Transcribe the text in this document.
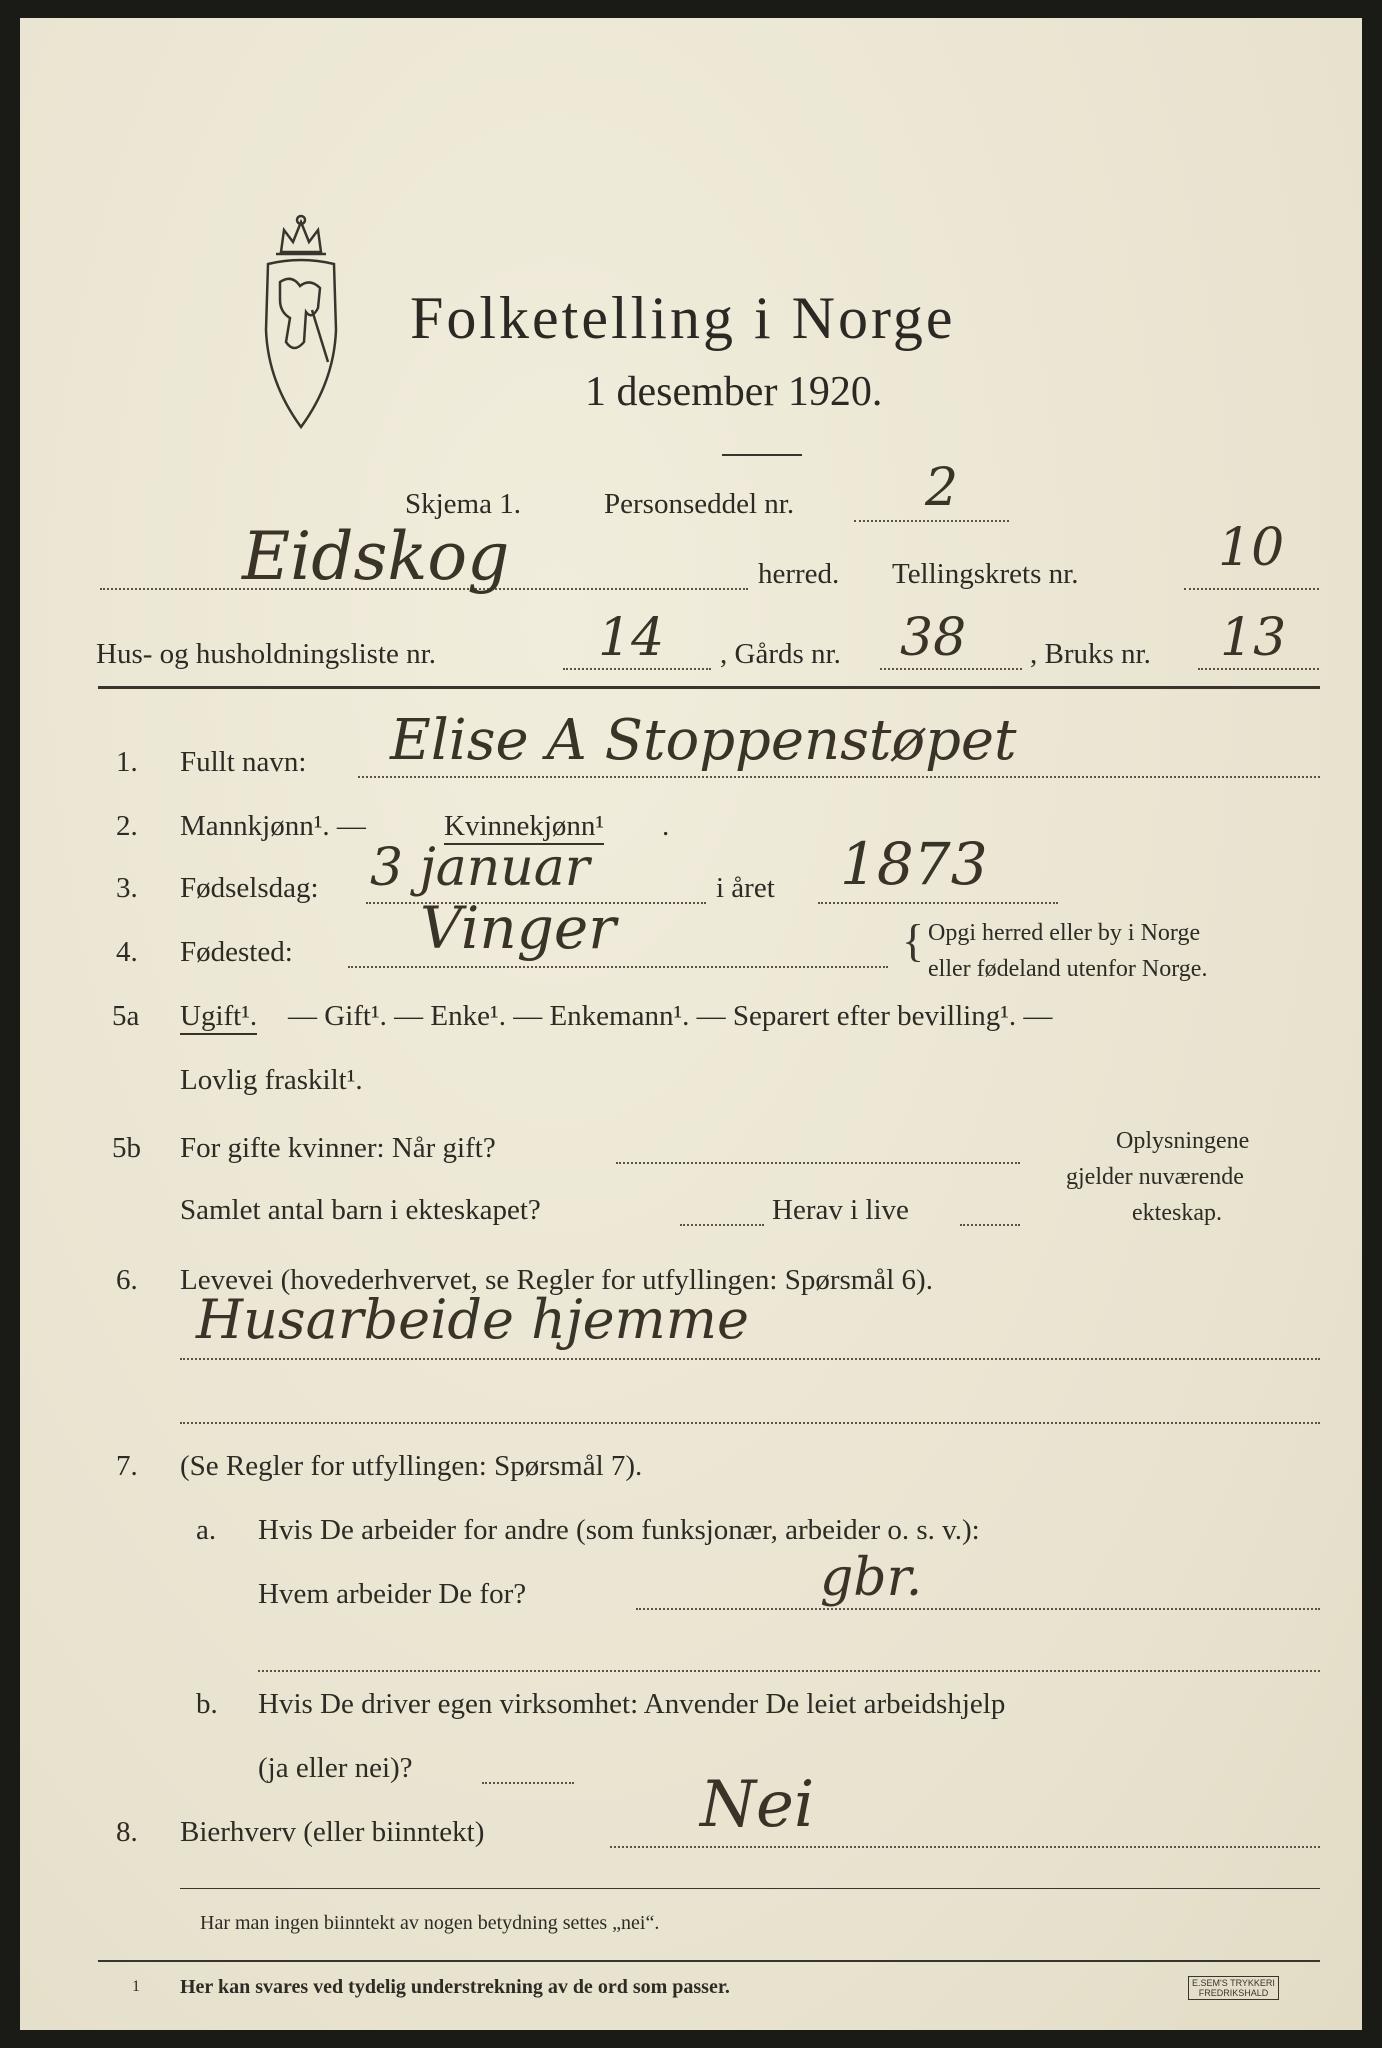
Folketelling i Norge
1 desember 1920.
Skjema 1.	Personseddel nr.	2
Eidskog	herred. Tellingskrets nr.	10
Hus- og husholdningsliste nr.	14 , Gårds nr. 38 , Bruks nr. 13
1. Fullt navn: Elise A Stoppenstøpet
2. Mannkjønn¹. —	Kvinnekjønn¹ .
3. Fødselsdag: 3 januar	i året 1873
4. Fødested: Vinger	{ Opgi herred eller by i Norge
eller fødeland utenfor Norge.
5a Ugift¹. — Gift¹. — Enke¹. — Enkemann¹. — Separert efter bevilling¹. —
Lovlig fraskilt¹.
5b For gifte kvinner: Når gift?
Samlet antal barn i ekteskapet?	Herav i live
Oplysningene
gjelder nuværende
ekteskap.
6. Levevei (hovederhvervet, se Regler for utfyllingen: Spørsmål 6).
Husarbeide hjemme
7. (Se Regler for utfyllingen: Spørsmål 7).
a. Hvis De arbeider for andre (som funksjonær, arbeider o. s. v.):
Hvem arbeider De for?	gbr.
b. Hvis De driver egen virksomhet: Anvender De leiet arbeidshjelp
(ja eller nei)?
8. Bierhverv (eller biinntekt)	Nei
Har man ingen biinntekt av nogen betydning settes „nei“.
1 Her kan svares ved tydelig understrekning av de ord som passer.	E.SEM'S TRYKKERI
FREDRIKSHALD
